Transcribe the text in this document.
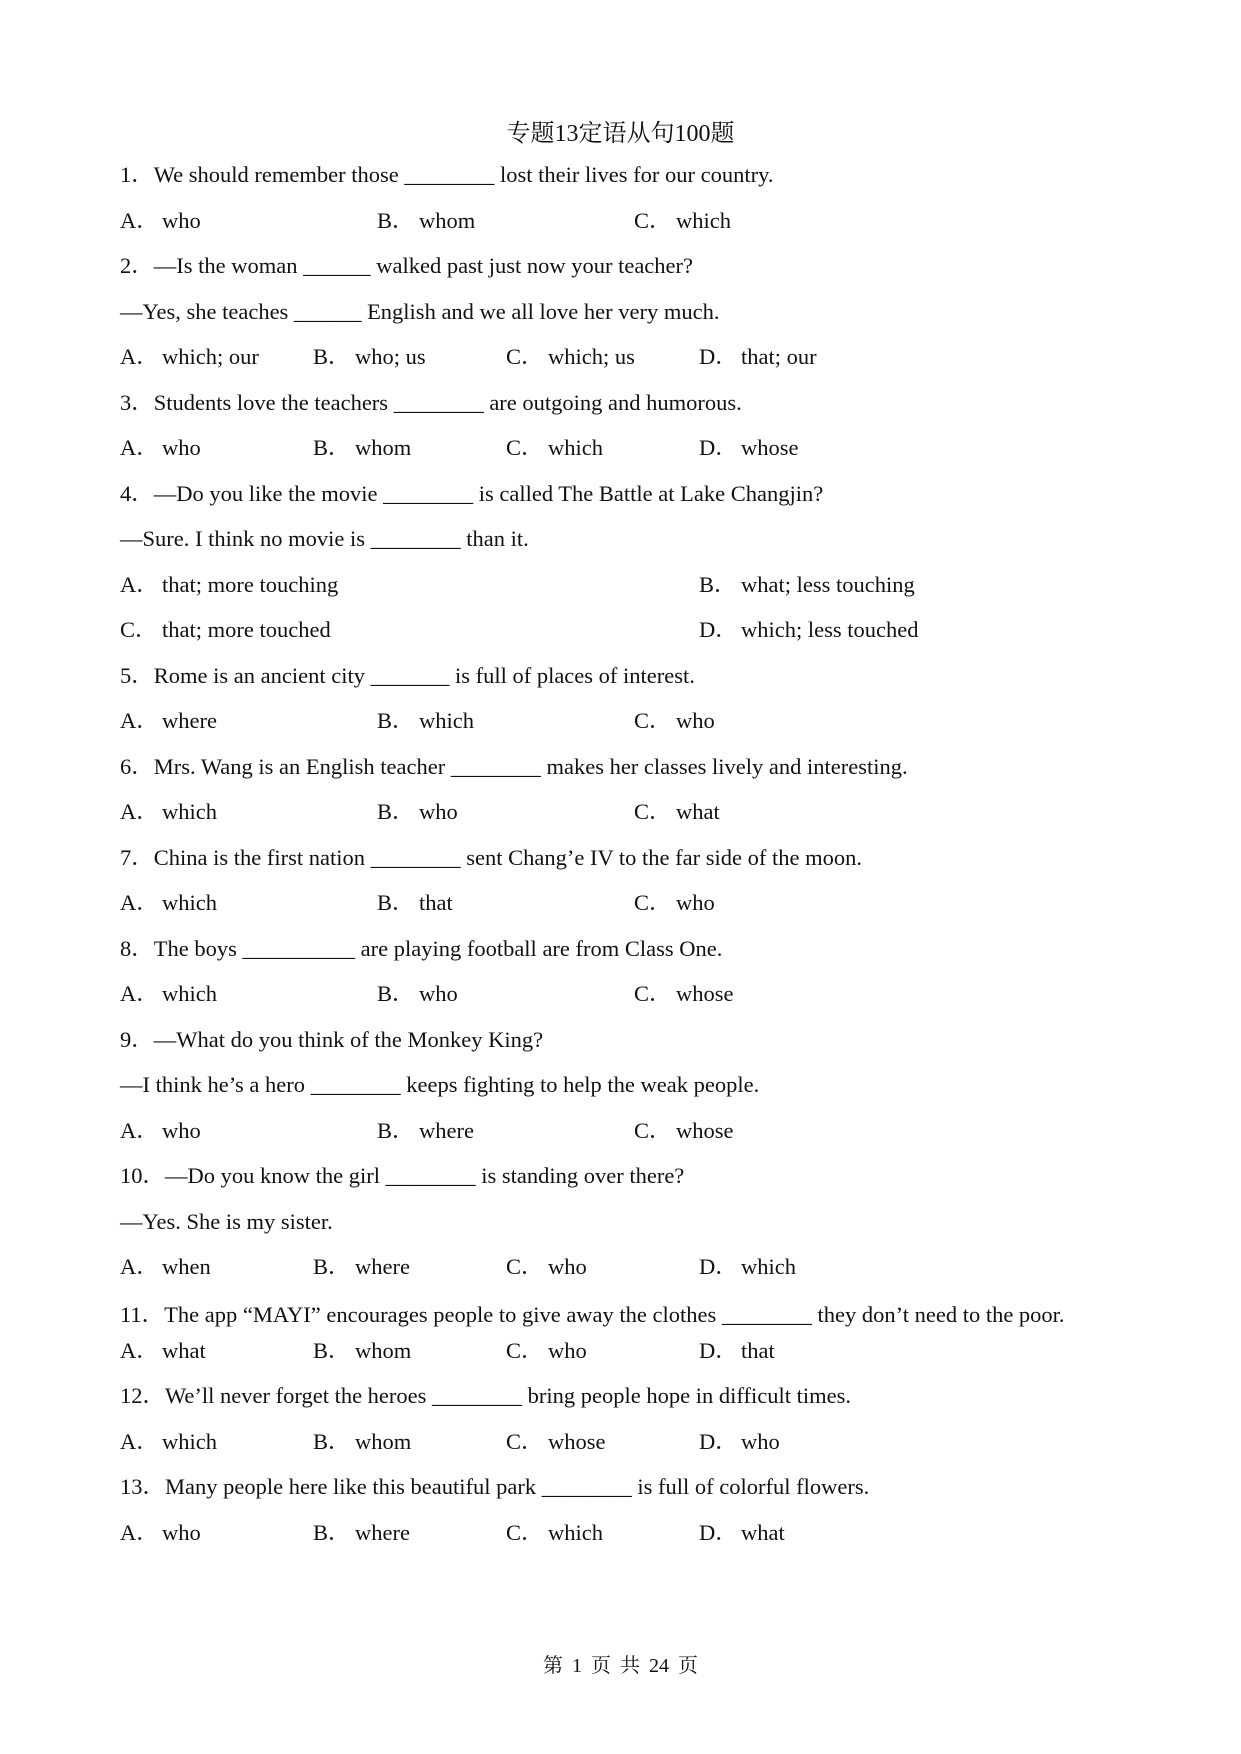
专题13定语从句100题
1．We should remember those ________ lost their lives for our country.
A． who	B． whom	C． which
2．—Is the woman ______ walked past just now your teacher?
—Yes, she teaches ______ English and we all love her very much.
A． which; our B． who; us	C． which; us	D． that; our
3．Students love the teachers ________ are outgoing and humorous.
A． who	B． whom	C． which	D． whose
4．—Do you like the movie ________ is called The Battle at Lake Changjin?
—Sure. I think no movie is ________ than it.
A． that; more touching	B． what; less touching
C． that; more touched	D． which; less touched
5．Rome is an ancient city _______ is full of places of interest.
A． where	B． which	C． who
6．Mrs. Wang is an English teacher ________ makes her classes lively and interesting.
A． which	B． who	C． what
7．China is the first nation ________ sent Chang’e IV to the far side of the moon.
A． which	B． that	C． who
8．The boys __________ are playing football are from Class One.
A． which	B． who	C． whose
9．—What do you think of the Monkey King?
—I think he’s a hero ________ keeps fighting to help the weak people.
A． who	B． where	C． whose
10．—Do you know the girl ________ is standing over there?
—Yes. She is my sister.
A． when	B． where	C． who	D． which
11．The app “MAYI” encourages people to give away the clothes ________ they don’t need to the poor.
A． what	B． whom	C． who	D． that
12．We’ll never forget the heroes ________ bring people hope in difficult times.
A． which	B． whom	C． whose	D． who
13．Many people here like this beautiful park ________ is full of colorful flowers.
A． who	B． where	C． which	D． what
第 1 页 共 24 页
